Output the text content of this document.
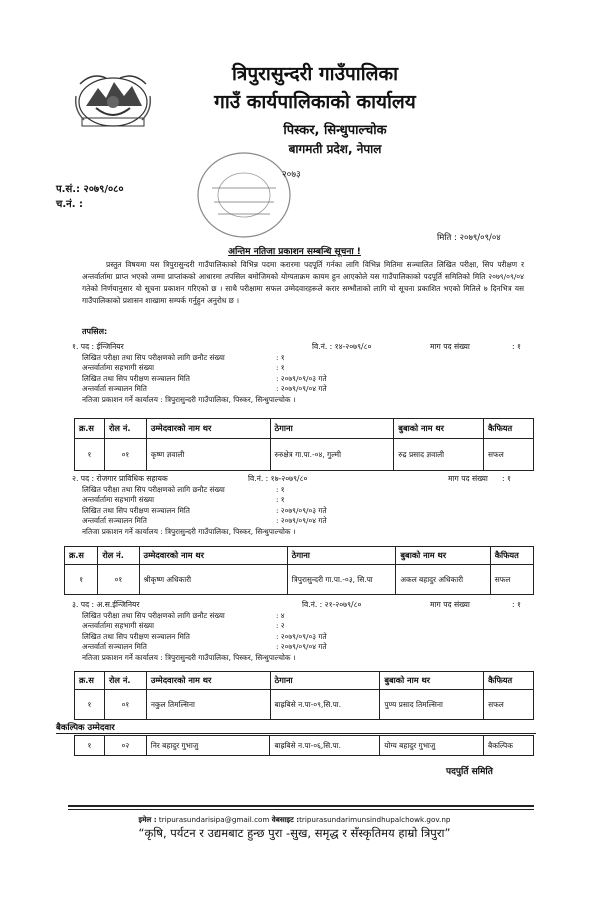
त्रिपुरासुन्दरी गाउँपालिका
गाउँ कार्यपालिकाको कार्यालय
पिस्कर, सिन्धुपाल्चोक
बागमती प्रदेश, नेपाल
२०७३
प.सं.: २०७९/०८०
च.नं. :
मिति : २०७९/०९/०४
अन्तिम नतिजा प्रकाशन सम्बन्धि सूचना !
प्रस्तुत विषयमा यस त्रिपुरासुन्दरी गाउँपालिकाको विभिन्न पदमा करारमा पदपूर्ति गर्नका लागि विभिन्न मितिमा सञ्चालित लिखित परीक्षा, सिप परीक्षण र अन्तर्वार्तामा प्राप्त भएको जम्मा प्राप्तांकको आधारमा तपसिल बमोजिमको योग्यताक्रम कायम हुन आएकोले यस गाउँपालिकाको पदपूर्ति समितिको मिति २०७९/०९/०४ गतेको निर्णयानुसार यो सूचना प्रकाशन गरिएको छ । साथै परीक्षामा सफल उम्मेदवारहरूले करार सम्भौताको लागि यो सूचना प्रकाशित भएको मितिले ७ दिनभित्र यस गाउँपालिकाको प्रशासन शाखामा सम्पर्क गर्नुहुन अनुरोध छ ।
तपसिल:
१. पद : ईन्जिनियर	वि.नं. : १४-२०७९/८०	माग पद संख्या	: १
लिखित परीक्षा तथा सिप परीक्षणको लागि छनौट संख्या	: १
अन्तर्वार्तामा सहभागी संख्या	: १
लिखित तथा सिप परीक्षण सञ्चालन मिति	: २०७९/०९/०३ गते
अन्तर्वार्ता सञ्चालन मिति	: २०७९/०९/०४ गते
नतिजा प्रकाशन गर्ने कार्यालय : त्रिपुरासुन्दरी गाउँपालिका, पिस्कर, सिन्धुपाल्चोक ।
क्र.स	रोल नं.	उम्मेदवारको नाम थर	ठेगाना	बुबाको नाम थर	कैफियत
१	०१	कृष्ण ज्ञवाली	रुरुक्षेत्र गा.पा.-०४, गुल्मी	रुद्र प्रसाद ज्ञवाली	सफल
२. पद : रोजगार प्राविधिक सहायक	वि.नं. : १७-२०७९/८०	माग पद संख्या : १
लिखित परीक्षा तथा सिप परीक्षणको लागि छनौट संख्या	: १
अन्तर्वार्तामा सहभागी संख्या	: १
लिखित तथा सिप परीक्षण सञ्चालन मिति	: २०७९/०९/०३ गते
अन्तर्वार्ता सञ्चालन मिति	: २०७९/०९/०४ गते
नतिजा प्रकाशन गर्ने कार्यालय : त्रिपुरासुन्दरी गाउँपालिका, पिस्कर, सिन्धुपाल्चोक ।
क्र.स	रोल नं.	उम्मेदवारको नाम थर	ठेगाना	बुबाको नाम थर	कैफियत
१	०१	श्रीकृष्ण अधिकारी	त्रिपुरासुन्दरी गा.पा.-०३, सि.पा	अकल बहादुर अधिकारी	सफल
३. पद : अ.स.ईन्जिनियर	वि.नं. : २१-२०७९/८०	माग पद संख्या	: १
लिखित परीक्षा तथा सिप परीक्षणको लागि छनौट संख्या	: ४
अन्तर्वार्तामा सहभागी संख्या	: २
लिखित तथा सिप परीक्षण सञ्चालन मिति	: २०७९/०९/०३ गते
अन्तर्वार्ता सञ्चालन मिति	: २०७९/०९/०४ गते
नतिजा प्रकाशन गर्ने कार्यालय : त्रिपुरासुन्दरी गाउँपालिका, पिस्कर, सिन्धुपाल्चोक ।
क्र.स	रोल नं.	उम्मेदवारको नाम थर	ठेगाना	बुबाको नाम थर	कैफियत
१	०१	नकुल तिमल्सिना	बाह्रबिसे न.पा-०९,सि.पा.	पुण्य प्रसाद तिमल्सिना	सफल
बैकल्पिक उम्मेदवार
१	०२	निर बहादुर गुभाजु	बाह्रबिसे न.पा-०६,सि.पा.	योग्य बहादुर गुभाजु	बैकल्पिक
पदपुर्ति समिति
इमेल : tripurasundarisipa@gmail.com वेबसाइट :tripurasundarimunsindhupalchowk.gov.np
“कृषि, पर्यटन र उद्यमबाट हुन्छ पुरा -सुख, समृद्ध र सँस्कृतिमय हाम्रो त्रिपुरा”
